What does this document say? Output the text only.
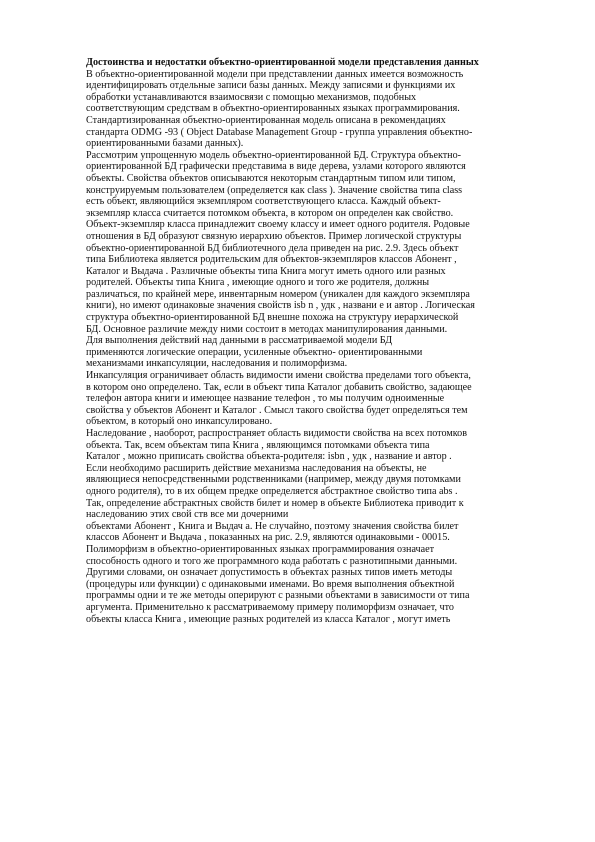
Достоинства и недостатки объектно-ориентированной модели представления данных
В объектно-ориентированной модели при представлении данных имеется возможность
идентифицировать отдельные записи базы данных. Между записями и функциями их
обработки устанавливаются взаимосвязи с помощью механизмов, подобных
соответствующим средствам в объектно-ориентированных языках программирования.
Стандартизированная объектно-ориентированная модель описана в рекомендациях
стандарта ODMG -93 ( Object Database Management Group - группа управления объектно-
ориентированными базами данных).
Рассмотрим упрощенную модель объектно-ориентированной БД. Структура объектно-
ориентированной БД графически представима в виде дерева, узлами которого являются
объекты. Свойства объектов описываются некоторым стандартным типом или типом,
конструируемым пользователем (определяется как class ). Значение свойства типа class
есть объект, являющийся экземпляром соответствующего класса. Каждый объект-
экземпляр класса считается потомком объекта, в котором он определен как свойство.
Объект-экземпляр класса принадлежит своему классу и имеет одного родителя. Родовые
отношения в БД образуют связную иерархию объектов. Пример логической структуры
объектно-ориентированной БД библиотечного дела приведен на рис. 2.9. Здесь объект
типа Библиотека является родительским для объектов-экземпляров классов Абонент ,
Каталог и Выдача . Различные объекты типа Книга могут иметь одного или разных
родителей. Объекты типа Книга , имеющие одного и того же родителя, должны
различаться, по крайней мере, инвентарным номером (уникален для каждого экземпляра
книги), но имеют одинаковые значения свойств isb n , удк , названи е и автор . Логическая
структура объектно-ориентированной БД внешне похожа на структуру иерархической
БД. Основное различие между ними состоит в методах манипулирования данными.
Для выполнения действий над данными в рассматриваемой модели БД
применяются логические операции, усиленные объектно- ориентированными
механизмами инкапсуляции, наследования и полиморфизма.
Инкапсуляция ограничивает область видимости имени свойства пределами того объекта,
в котором оно определено. Так, если в объект типа Каталог добавить свойство, задающее
телефон автора книги и имеющее название телефон , то мы получим одноименные
свойства у объектов Абонент и Каталог . Смысл такого свойства будет определяться тем
объектом, в который оно инкапсулировано.
Наследование , наоборот, распространяет область видимости свойства на всех потомков
объекта. Так, всем объектам типа Книга , являющимся потомками объекта типа
Каталог , можно приписать свойства объекта-родителя: isbn , удк , название и автор .
Если необходимо расширить действие механизма наследования на объекты, не
являющиеся непосредственными родственниками (например, между двумя потомками
одного родителя), то в их общем предке определяется абстрактное свойство типа abs .
Так, определение абстрактных свойств билет и номер в объекте Библиотека приводит к
наследованию этих свой ств все ми дочерними
объектами Абонент , Книга и Выдач а. Не случайно, поэтому значения свойства билет
классов Абонент и Выдача , показанных на рис. 2.9, являются одинаковыми - 00015.
Полиморфизм в объектно-ориентированных языках программирования означает
способность одного и того же программного кода работать с разнотипными данными.
Другими словами, он означает допустимость в объектах разных типов иметь методы
(процедуры или функции) с одинаковыми именами. Во время выполнения объектной
программы одни и те же методы оперируют с разными объектами в зависимости от типа
аргумента. Применительно к рассматриваемому примеру полиморфизм означает, что
объекты класса Книга , имеющие разных родителей из класса Каталог , могут иметь
